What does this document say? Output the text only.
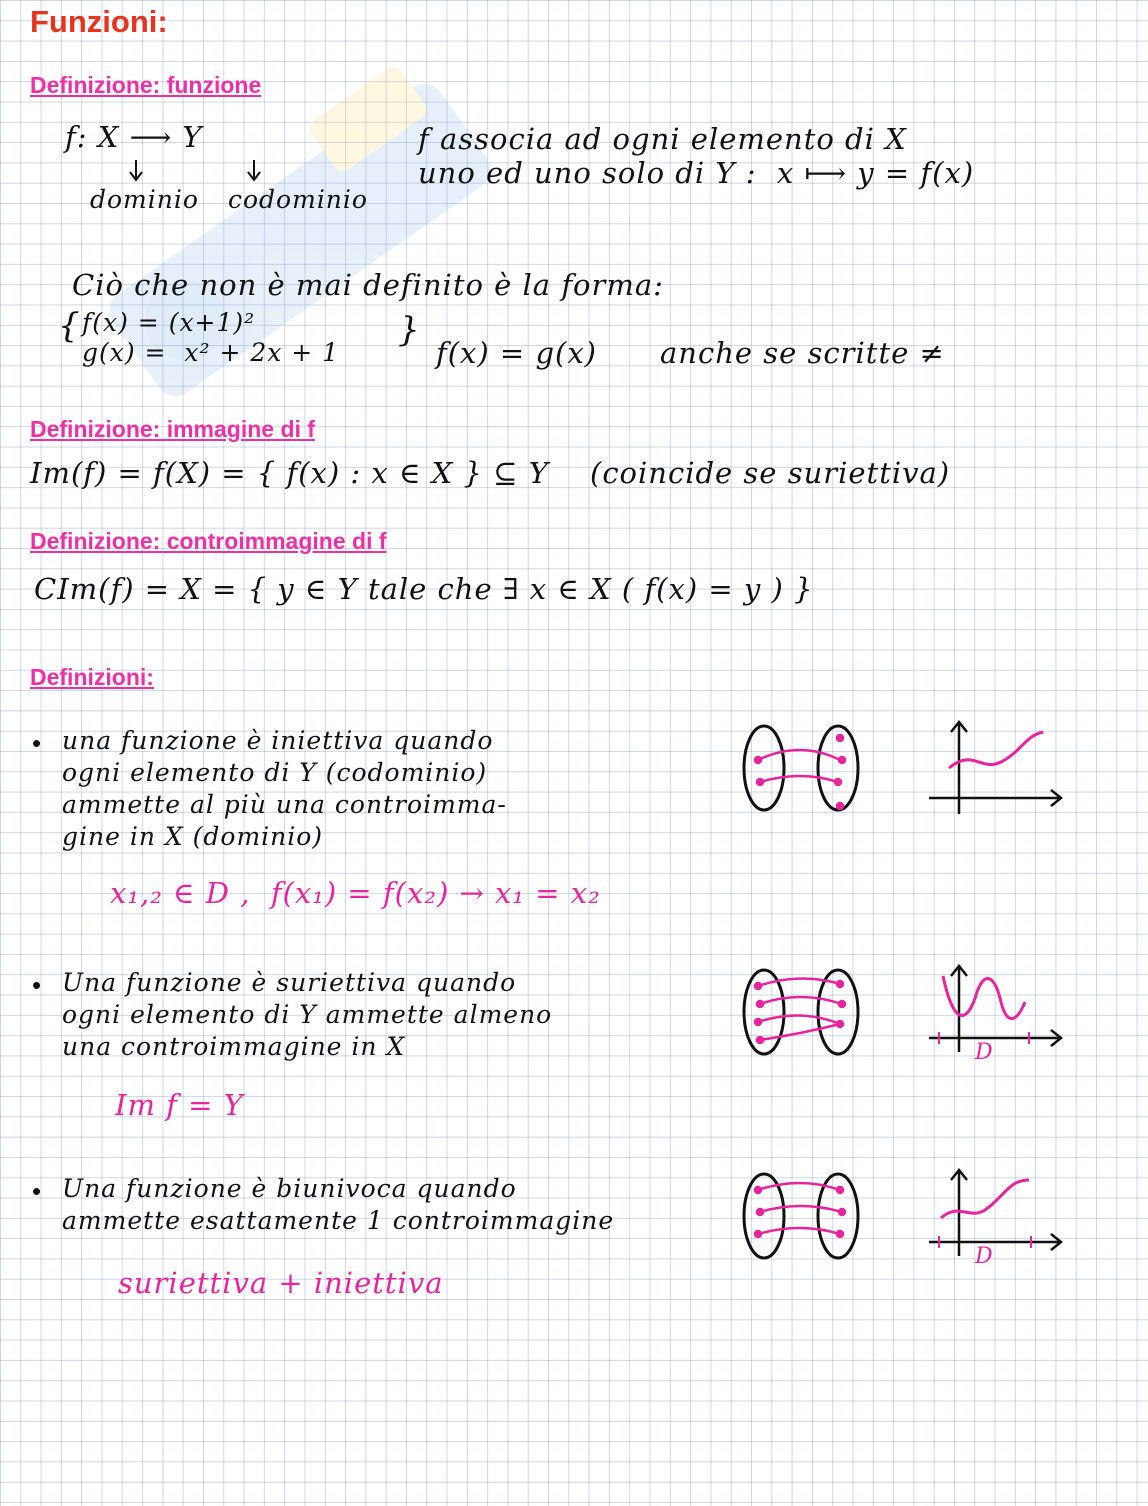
Funzioni:
Definizione: funzione
f: X ⟶ Y
dominio codominio
f associa ad ogni elemento di X
uno ed uno solo di Y :  x ⟼ y = f(x)
Ciò che non è mai definito è la forma:
{ f(x) = (x+1)²
g(x) =  x² + 2x + 1
}
f(x) = g(x) anche se scritte ≠
Definizione: immagine di f
Im(f) = f(X) = { f(x) : x ∈ X } ⊆ Y (coincide se suriettiva)
Definizione: controimmagine di f
CIm(f) = X = { y ∈ Y tale che ∃ x ∈ X ( f(x) = y ) }
Definizioni:
• una funzione è iniettiva quando
ogni elemento di Y (codominio)
ammette al più una controimma-
gine in X (dominio)
x₁,₂ ∈ D ,  f(x₁) = f(x₂) → x₁ = x₂
• Una funzione è suriettiva quando
ogni elemento di Y ammette almeno
una controimmagine in X
Im f = Y
D
• Una funzione è biunivoca quando
ammette esattamente 1 controimmagine
suriettiva + iniettiva
D
